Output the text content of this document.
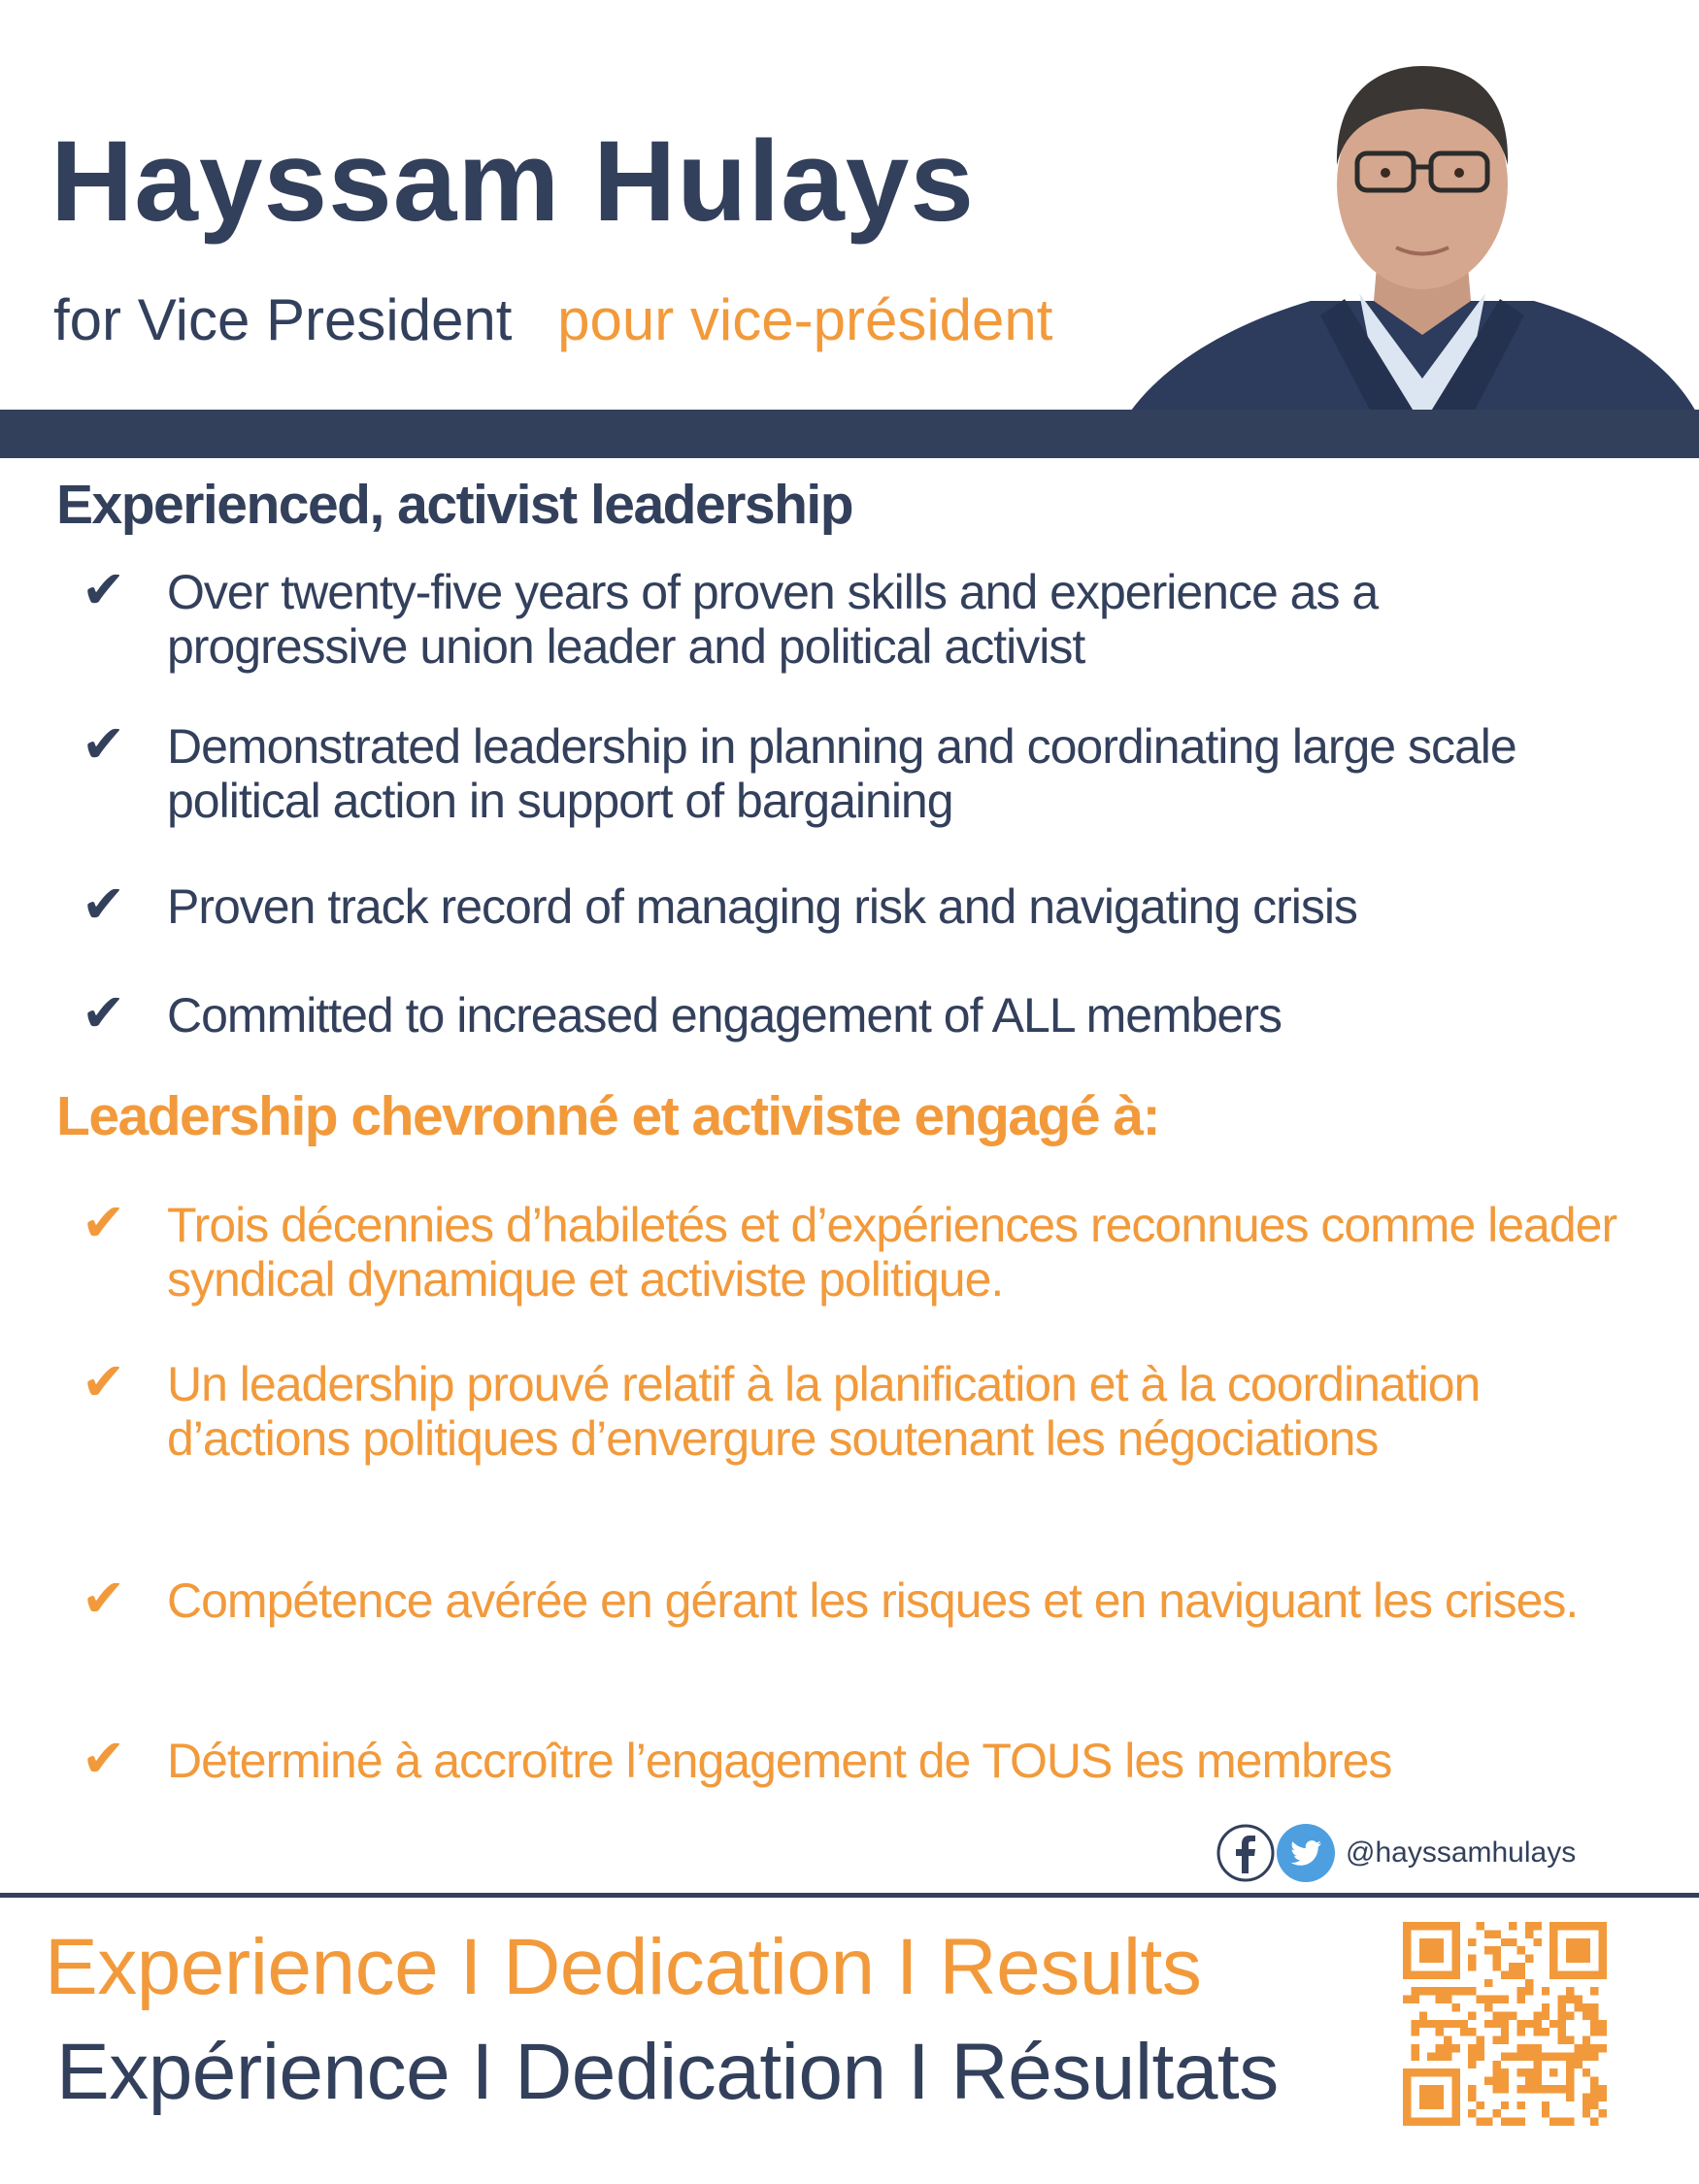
Hayssam Hulays
for Vice President pour vice-président
Experienced, activist leadership
✔ Over twenty-five years of proven skills and experience as a progressive union leader and political activist
✔ Demonstrated leadership in planning and coordinating large scale political action in support of bargaining
✔ Proven track record of managing risk and navigating crisis
✔ Committed to increased engagement of ALL members
Leadership chevronné et activiste engagé à:
✔ Trois décennies d’habiletés et d’expériences reconnues comme leader syndical dynamique et activiste politique.
✔ Un leadership prouvé relatif à la planification et à la coordination d’actions politiques d’envergure soutenant les négociations
✔ Compétence avérée en gérant les risques et en naviguant les crises.
✔ Déterminé à accroître l’engagement de TOUS les membres
@hayssamhulays
Experience I Dedication I Results
Expérience I Dedication I Résultats
